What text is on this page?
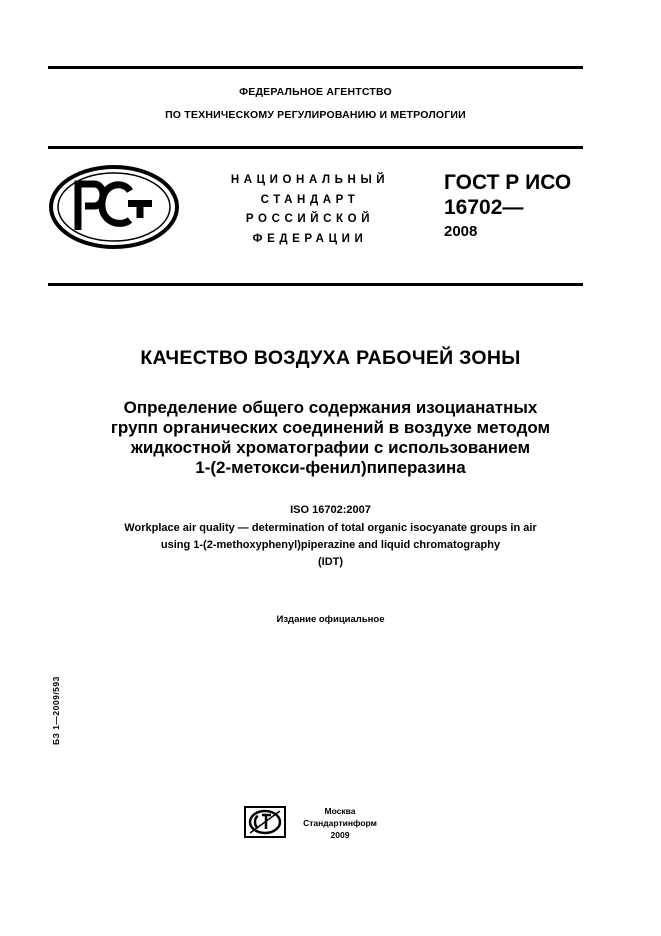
ФЕДЕРАЛЬНОЕ АГЕНТСТВО
ПО ТЕХНИЧЕСКОМУ РЕГУЛИРОВАНИЮ И МЕТРОЛОГИИ
НАЦИОНАЛЬНЫЙ
СТАНДАРТ
РОССИЙСКОЙ
ФЕДЕРАЦИИ
ГОСТ Р ИСО
16702—
2008
КАЧЕСТВО ВОЗДУХА РАБОЧЕЙ ЗОНЫ
Определение общего содержания изоцианатных
групп органических соединений в воздухе методом
жидкостной хроматографии с использованием
1-(2-метокси-фенил)пиперазина
ISO 16702:2007
Workplace air quality — determination of total organic isocyanate groups in air
using 1-(2-methoxyphenyl)piperazine and liquid chromatography
(IDT)
Издание официальное
БЗ 1—2009/593
Москва
Стандартинформ
2009
